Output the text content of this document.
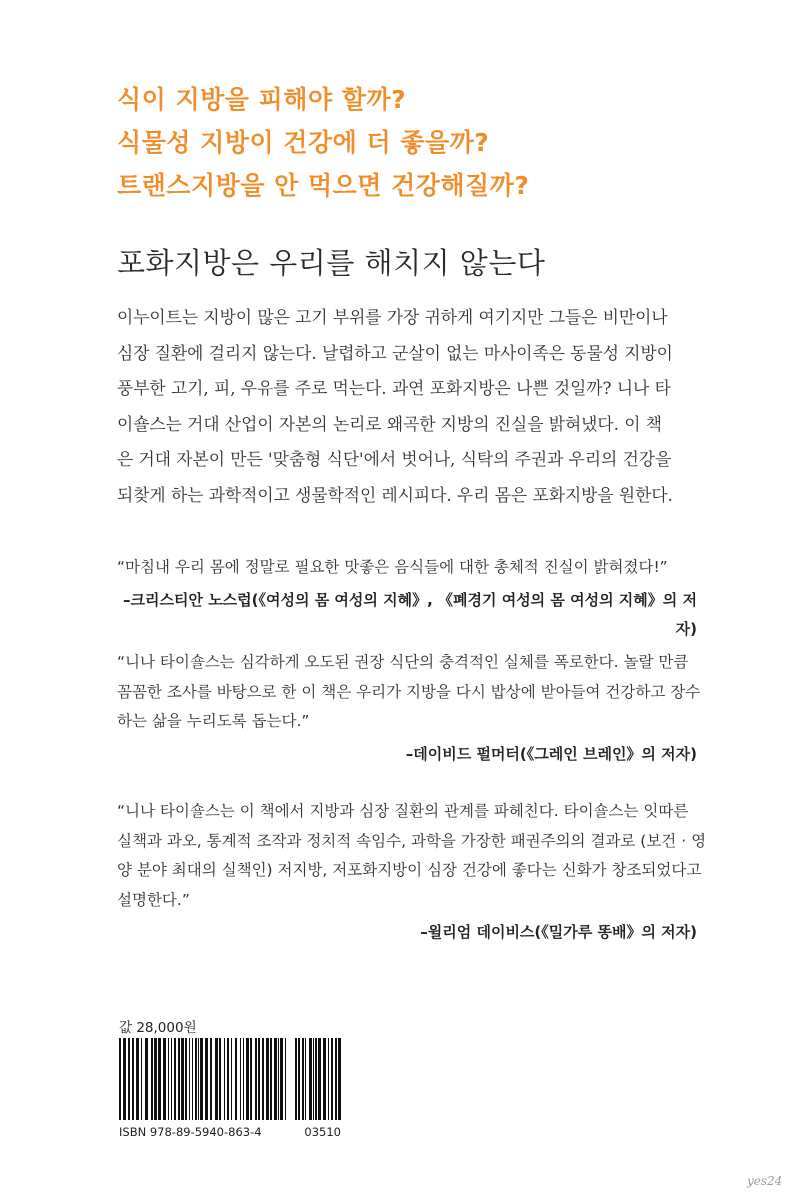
식이 지방을 피해야 할까?
식물성 지방이 건강에 더 좋을까?
트랜스지방을 안 먹으면 건강해질까?
포화지방은 우리를 해치지 않는다
이누이트는 지방이 많은 고기 부위를 가장 귀하게 여기지만 그들은 비만이나
심장 질환에 걸리지 않는다. 날렵하고 군살이 없는 마사이족은 동물성 지방이
풍부한 고기, 피, 우유를 주로 먹는다. 과연 포화지방은 나쁜 것일까? 니나 타
이숄스는 거대 산업이 자본의 논리로 왜곡한 지방의 진실을 밝혀냈다. 이 책
은 거대 자본이 만든 '맞춤형 식단'에서 벗어나, 식탁의 주권과 우리의 건강을
되찾게 하는 과학적이고 생물학적인 레시피다. 우리 몸은 포화지방을 원한다.
“마침내 우리 몸에 정말로 필요한 맛좋은 음식들에 대한 총체적 진실이 밝혀졌다!”
–크리스티안 노스럽(《여성의 몸 여성의 지혜》, 《폐경기 여성의 몸 여성의 지혜》의 저자)
“니나 타이숄스는 심각하게 오도된 권장 식단의 충격적인 실체를 폭로한다. 놀랄 만큼
꼼꼼한 조사를 바탕으로 한 이 책은 우리가 지방을 다시 밥상에 받아들여 건강하고 장수
하는 삶을 누리도록 돕는다.”
–데이비드 펄머터(《그레인 브레인》의 저자)
“니나 타이숄스는 이 책에서 지방과 심장 질환의 관계를 파헤친다. 타이숄스는 잇따른
실책과 과오, 통계적 조작과 정치적 속임수, 과학을 가장한 패권주의의 결과로 (보건 · 영
양 분야 최대의 실책인) 저지방, 저포화지방이 심장 건강에 좋다는 신화가 창조되었다고
설명한다.”
–윌리엄 데이비스(《밀가루 똥배》의 저자)
값 28,000원
ISBN 978-89-5940-863-4	03510
yes24
